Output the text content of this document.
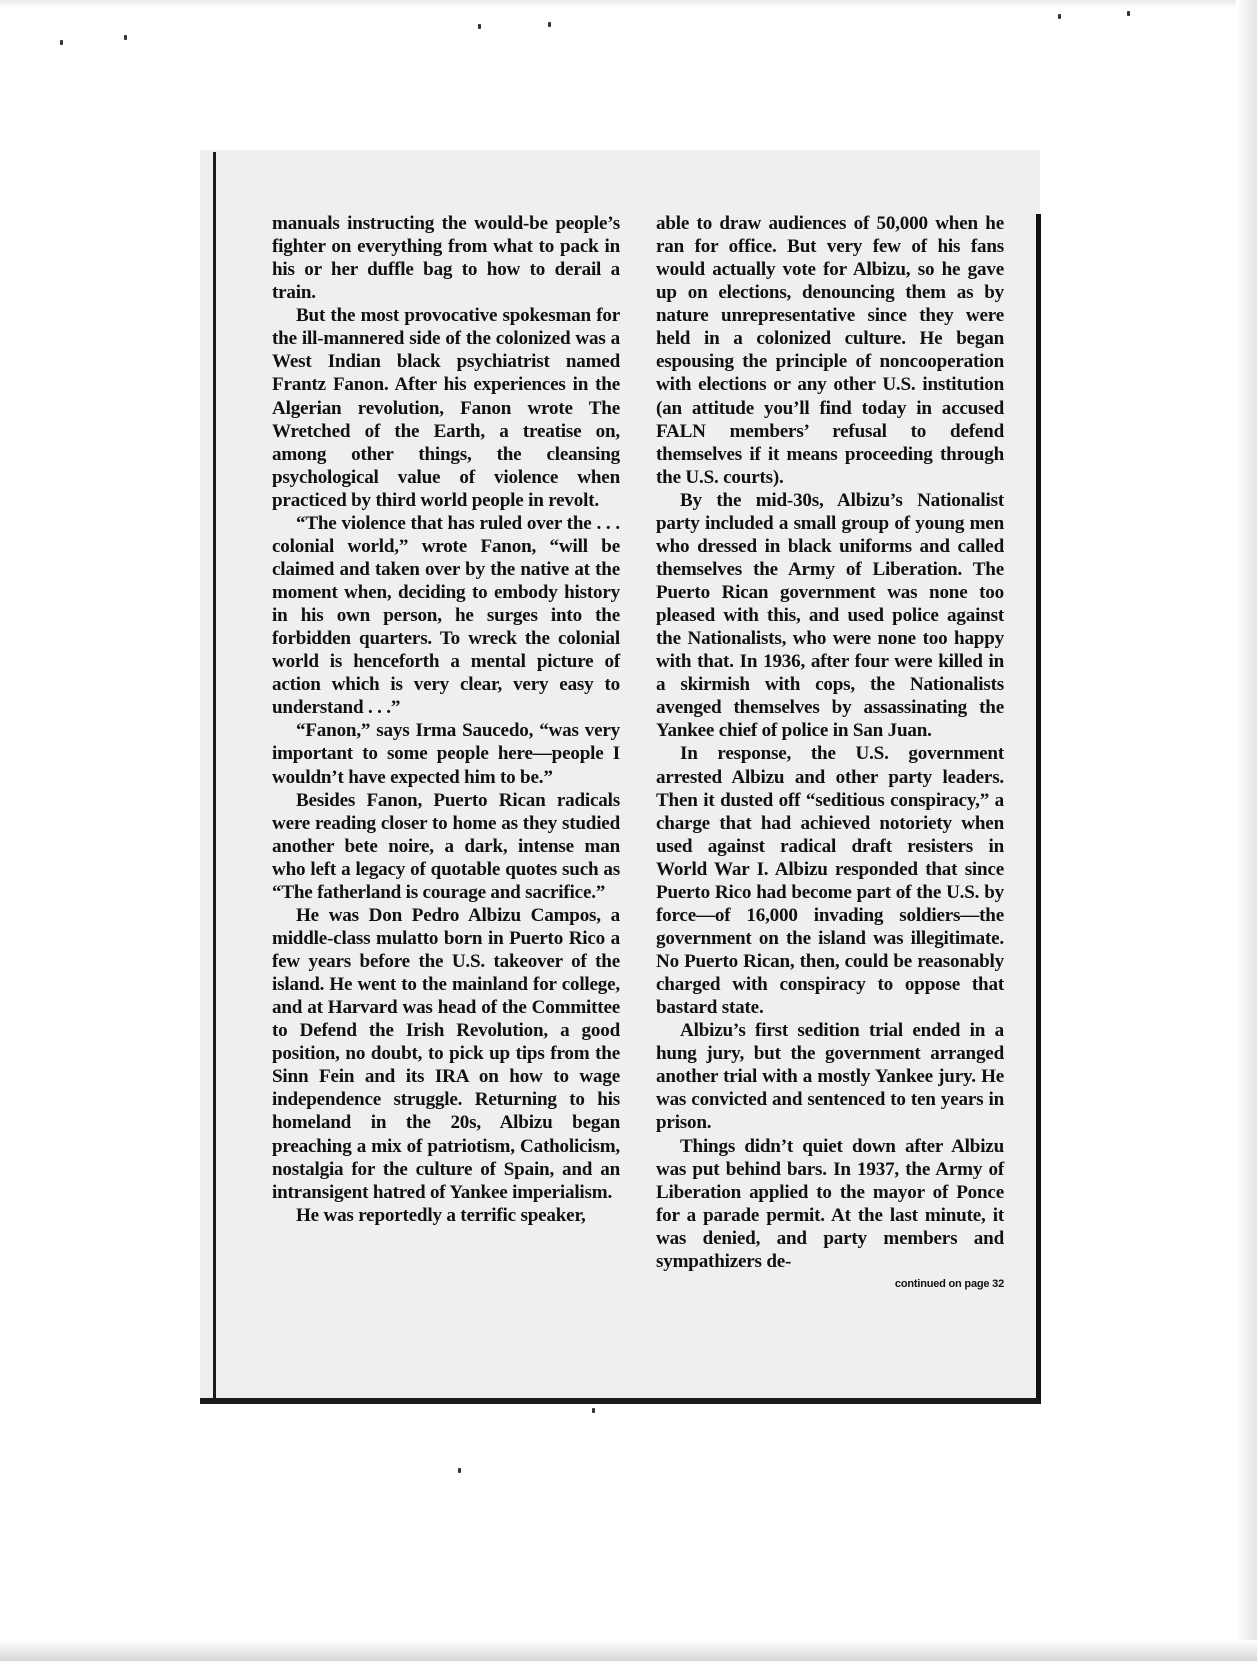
manuals instructing the would-be people’s fighter on everything from what to pack in his or her duffle bag to how to derail a train.

But the most provocative spokesman for the ill-mannered side of the colonized was a West Indian black psychiatrist named Frantz Fanon. After his experiences in the Algerian revolution, Fanon wrote The Wretched of the Earth, a treatise on, among other things, the cleansing psychological value of violence when practiced by third world people in revolt.

“The violence that has ruled over the . . . colonial world,” wrote Fanon, “will be claimed and taken over by the native at the moment when, deciding to embody history in his own person, he surges into the forbidden quarters. To wreck the colonial world is henceforth a mental picture of action which is very clear, very easy to understand . . .”

“Fanon,” says Irma Saucedo, “was very important to some people here—people I wouldn’t have expected him to be.”

Besides Fanon, Puerto Rican radicals were reading closer to home as they studied another bete noire, a dark, intense man who left a legacy of quotable quotes such as “The fatherland is courage and sacrifice.”

He was Don Pedro Albizu Campos, a middle-class mulatto born in Puerto Rico a few years before the U.S. takeover of the island. He went to the mainland for college, and at Harvard was head of the Committee to Defend the Irish Revolution, a good position, no doubt, to pick up tips from the Sinn Fein and its IRA on how to wage independence struggle. Returning to his homeland in the 20s, Albizu began preaching a mix of patriotism, Catholicism, nostalgia for the culture of Spain, and an intransigent hatred of Yankee imperialism.

He was reportedly a terrific speaker,

able to draw audiences of 50,000 when he ran for office. But very few of his fans would actually vote for Albizu, so he gave up on elections, denouncing them as by nature unrepresentative since they were held in a colonized culture. He began espousing the principle of noncooperation with elections or any other U.S. institution (an attitude you’ll find today in accused FALN members’ refusal to defend themselves if it means proceeding through the U.S. courts).

By the mid-30s, Albizu’s Nationalist party included a small group of young men who dressed in black uniforms and called themselves the Army of Liberation. The Puerto Rican government was none too pleased with this, and used police against the Nationalists, who were none too happy with that. In 1936, after four were killed in a skirmish with cops, the Nationalists avenged themselves by assassinating the Yankee chief of police in San Juan.

In response, the U.S. government arrested Albizu and other party leaders. Then it dusted off “seditious conspiracy,” a charge that had achieved notoriety when used against radical draft resisters in World War I. Albizu responded that since Puerto Rico had become part of the U.S. by force—of 16,000 invading soldiers—the government on the island was illegitimate. No Puerto Rican, then, could be reasonably charged with conspiracy to oppose that bastard state.

Albizu’s first sedition trial ended in a hung jury, but the government arranged another trial with a mostly Yankee jury. He was convicted and sentenced to ten years in prison.

Things didn’t quiet down after Albizu was put behind bars. In 1937, the Army of Liberation applied to the mayor of Ponce for a parade permit. At the last minute, it was denied, and party members and sympathizers de-

continued on page 32
